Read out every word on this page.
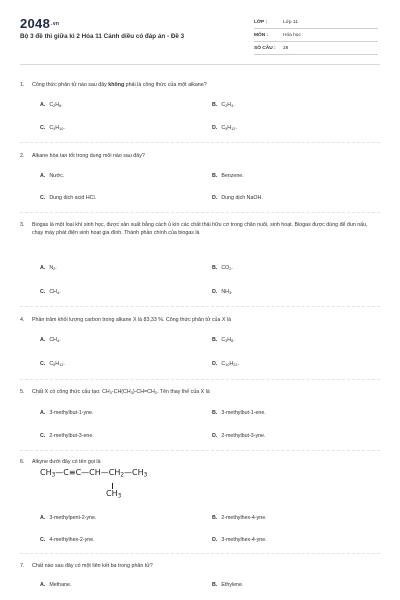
$2048^{.vn}$
Bộ 3 đề thi giữa kì 2 Hóa 11 Cánh diều có đáp án - Đề 3
LỚP :	Lớp 11
MÔN :	Hóa học
SỐ CÂU : 28
1. Công thức phân tử nào sau đây không phải là công thức của một alkane?
A. $C_2H_6$.	B. $C_2H_4$.
C. $C_4H_{10}$.	D. $C_5H_{12}$.
2. Alkane hòa tan tốt trong dung môi nào sau đây?
A. Nước.	B. Benzene.
C. Dung dịch acid HCl.	D. Dung dịch NaOH.
3. Biogas là một loại khí sinh học, được sản xuất bằng cách ủ kín các chất thải hữu cơ trong chăn nuôi, sinh hoạt. Biogas được dùng để đun nấu, chạy máy phát điện sinh hoạt gia đình. Thành phần chính của biogas là
A. $N_2$.	B. $CO_2$.
C. $CH_4$.	D. $NH_3$.
4. Phần trăm khối lượng carbon trong alkane X là 83,33 %. Công thức phân tử của X là
A. $CH_4$.	B. $C_3H_8$.
C. $C_5H_{12}$.	D. $C_{10}H_{22}$.
5. Chất X có công thức cấu tạo: $CH_3-CH(CH_3)-CH=CH_2$. Tên thay thế của X là
A. 3-methylbut-1-yne.	B. 3-methylbut-1-ene.
C. 2-methylbut-3-ene.	D. 2-methylbut-3-yne.
6. Alkyne dưới đây có tên gọi là
$CH_3—C\equiv C—CH—CH_2—CH_3$
$CH_3$
A. 3-methylpent-2-yne.	B. 2-methylhex-4-yne.
C. 4-methylhex-2-yne.	D. 3-methylhex-4-yne.
7. Chất nào sau đây có một liên kết ba trong phân tử?
A. Methane.	B. Ethylene.
